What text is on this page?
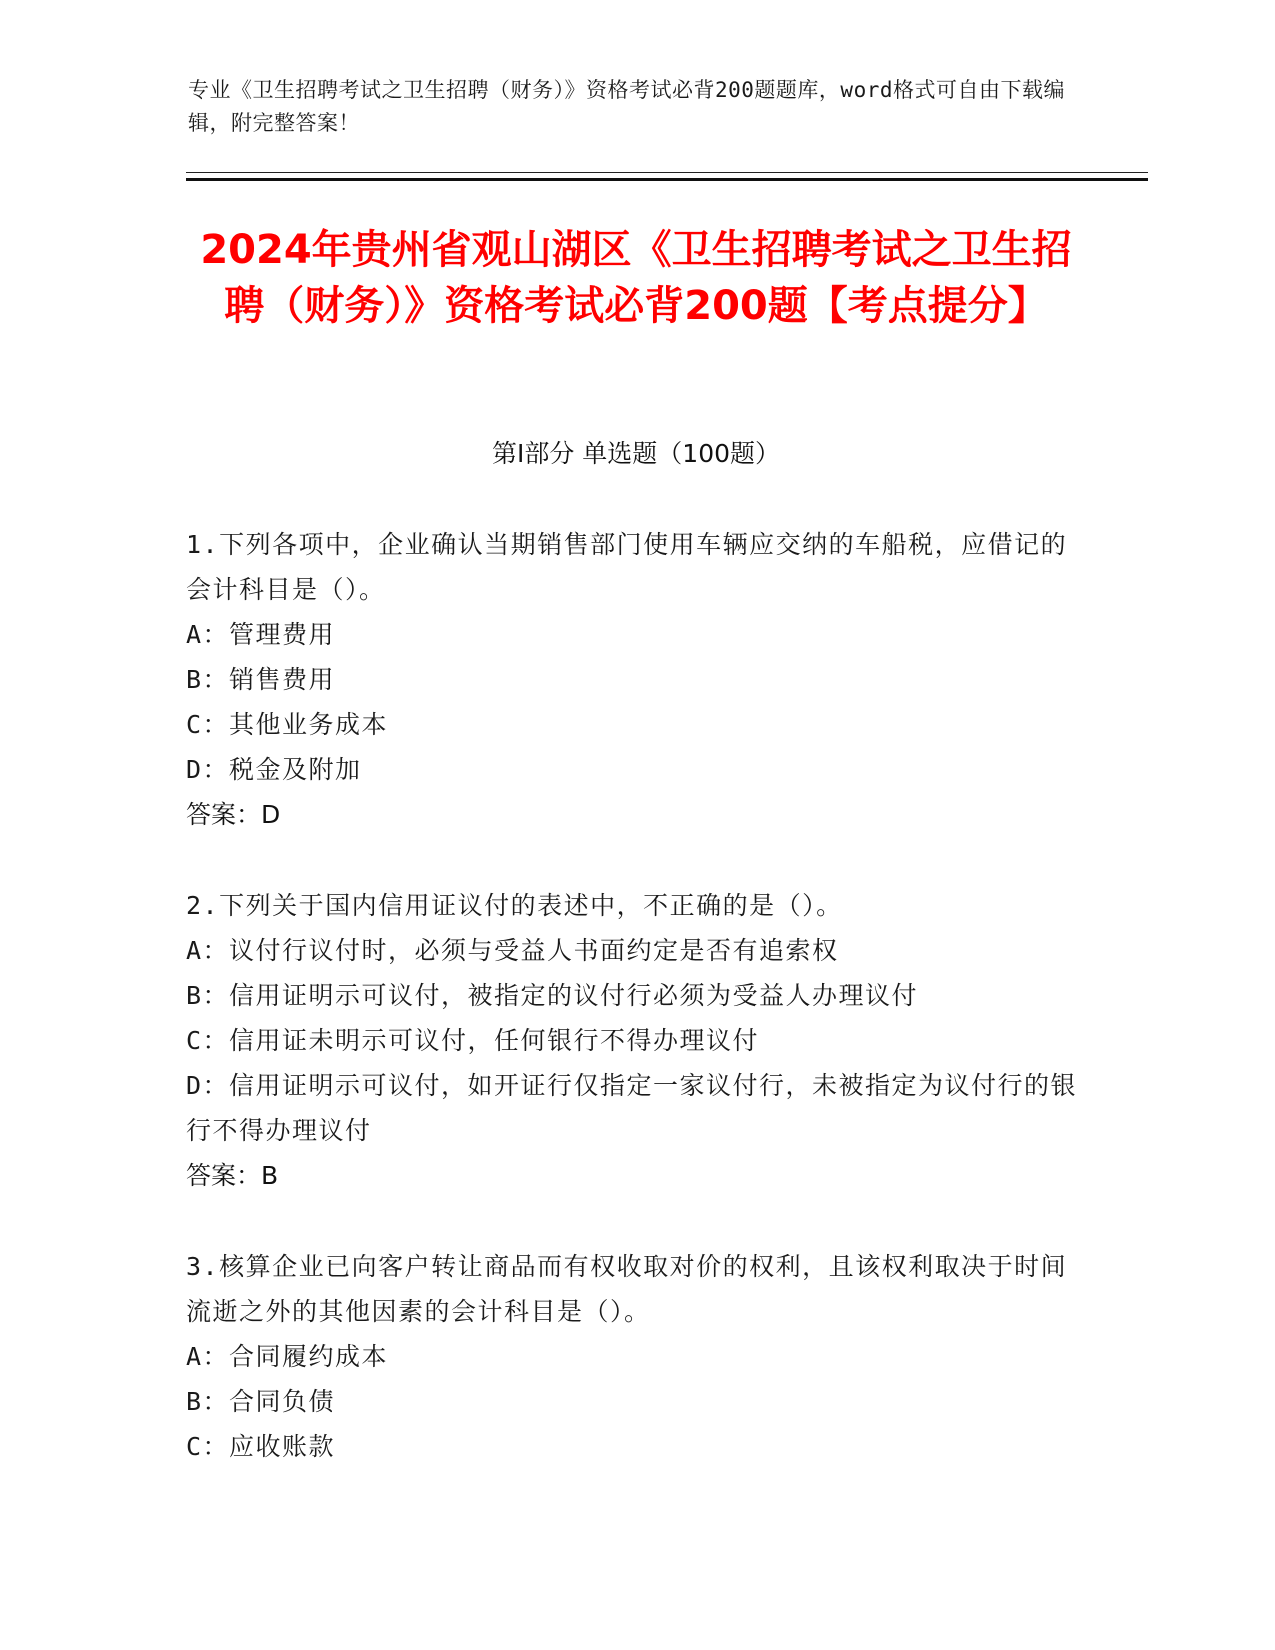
专业《卫生招聘考试之卫生招聘（财务）》资格考试必背200题题库，word格式可自由下载编辑，附完整答案！
2024年贵州省观山湖区《卫生招聘考试之卫生招聘（财务）》资格考试必背200题【考点提分】
第I部分 单选题（100题）
1.下列各项中，企业确认当期销售部门使用车辆应交纳的车船税，应借记的会计科目是（）。
A：管理费用
B：销售费用
C：其他业务成本
D：税金及附加
答案：D
2.下列关于国内信用证议付的表述中，不正确的是（）。
A：议付行议付时，必须与受益人书面约定是否有追索权
B：信用证明示可议付，被指定的议付行必须为受益人办理议付
C：信用证未明示可议付，任何银行不得办理议付
D：信用证明示可议付，如开证行仅指定一家议付行，未被指定为议付行的银行不得办理议付
答案：B
3.核算企业已向客户转让商品而有权收取对价的权利，且该权利取决于时间流逝之外的其他因素的会计科目是（）。
A：合同履约成本
B：合同负债
C：应收账款
